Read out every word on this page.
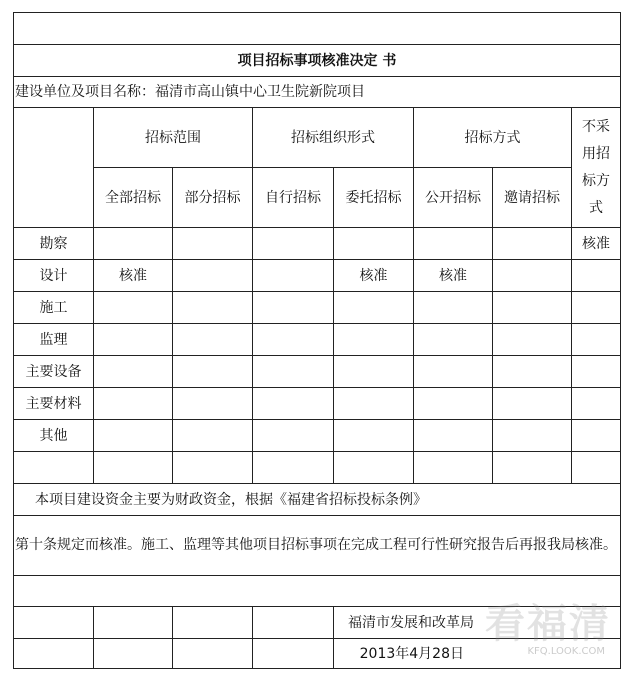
项目招标事项核准决定 书							
建设单位及项目名称：福清市高山镇中心卫生院新院项目							
	招标范围		招标组织形式		招标方式		不采用招标方式

	全部招标	部分招标	自行招标	委托招标	公开招标	邀请招标	
勘察							核准
设计	核准			核准	核准		
施工							
监理							
主要设备							
主要材料							
其他							

本项目建设资金主要为财政资金，根据《福建省招标投标条例》							
第十条规定而核准。施工、监理等其他项目招标事项在完成工程可行性研究报告后再报我局核准。							

				福清市发展和改革局			
				2013年4月28日			
看福清
KFQ.LOOK.COM
